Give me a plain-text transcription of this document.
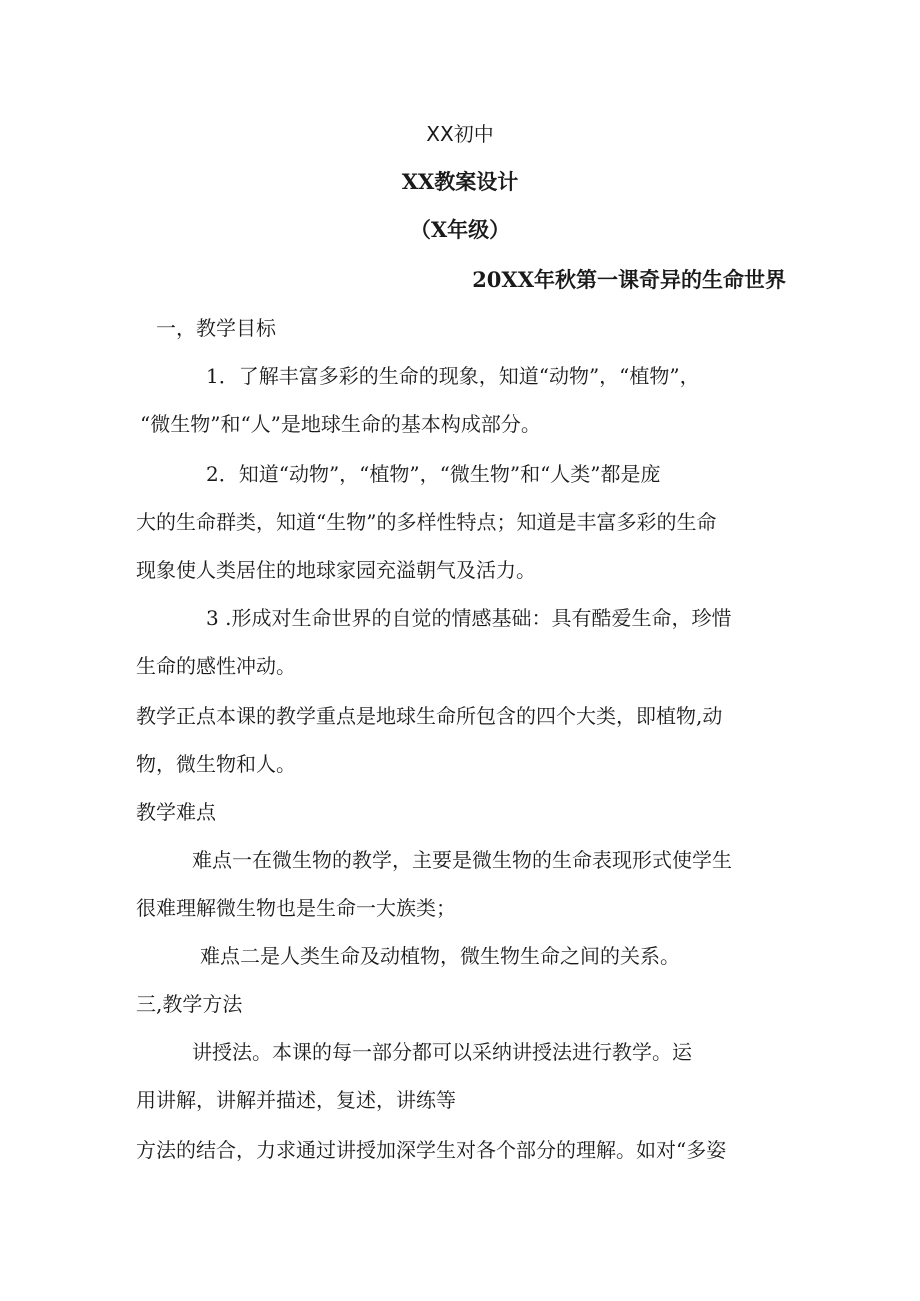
XX初中
XX教案设计
（X年级）
20XX年秋第一课奇异的生命世界
一，教学目标
1．了解丰富多彩的生命的现象，知道“动物”，“植物”，
“微生物”和“人”是地球生命的基本构成部分。
2．知道“动物”，“植物”，“微生物”和“人类”都是庞
大的生命群类，知道“生物”的多样性特点；知道是丰富多彩的生命
现象使人类居住的地球家园充溢朝气及活力。
3 .形成对生命世界的自觉的情感基础：具有酷爱生命，珍惜
生命的感性冲动。
教学正点本课的教学重点是地球生命所包含的四个大类，即植物,动
物，微生物和人。
教学难点
难点一在微生物的教学，主要是微生物的生命表现形式使学生
很难理解微生物也是生命一大族类；
难点二是人类生命及动植物，微生物生命之间的关系。
三,教学方法
讲授法。本课的每一部分都可以采纳讲授法进行教学。运
用讲解，讲解并描述，复述，讲练等
方法的结合，力求通过讲授加深学生对各个部分的理解。如对“多姿
